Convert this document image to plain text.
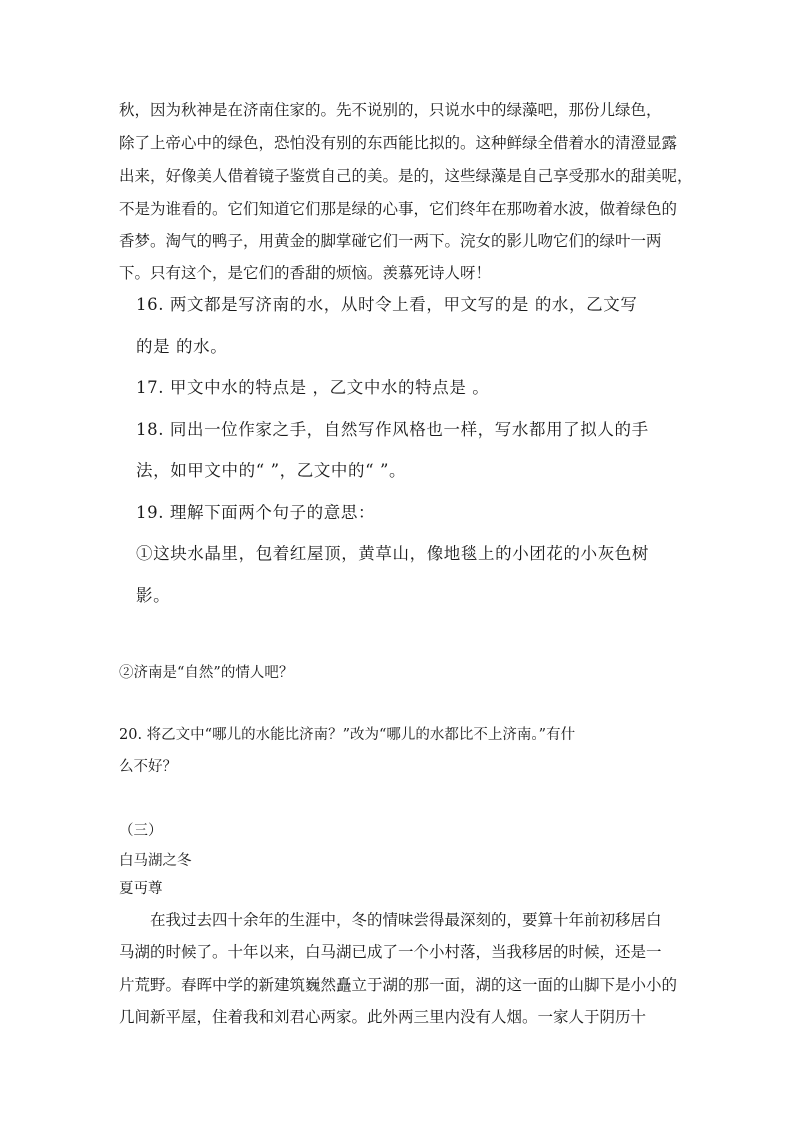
秋，因为秋神是在济南住家的。先不说别的，只说水中的绿藻吧，那份儿绿色，
除了上帝心中的绿色，恐怕没有别的东西能比拟的。这种鲜绿全借着水的清澄显露
出来，好像美人借着镜子鉴赏自己的美。是的，这些绿藻是自己享受那水的甜美呢，
不是为谁看的。它们知道它们那是绿的心事，它们终年在那吻着水波，做着绿色的
香梦。淘气的鸭子，用黄金的脚掌碰它们一两下。浣女的影儿吻它们的绿叶一两
下。只有这个，是它们的香甜的烦恼。羡慕死诗人呀！
16. 两文都是写济南的水，从时令上看，甲文写的是 的水，乙文写
的是 的水。
17. 甲文中水的特点是 ，乙文中水的特点是 。
18. 同出一位作家之手，自然写作风格也一样，写水都用了拟人的手
法，如甲文中的“ ”，乙文中的“ ”。
19. 理解下面两个句子的意思：
①这块水晶里，包着红屋顶，黄草山，像地毯上的小团花的小灰色树
影。
②济南是“自然”的情人吧？
20. 将乙文中“哪儿的水能比济南？”改为“哪儿的水都比不上济南。”有什
么不好？
（三）
白马湖之冬
夏丏尊
在我过去四十余年的生涯中，冬的情味尝得最深刻的，要算十年前初移居白
马湖的时候了。十年以来，白马湖已成了一个小村落，当我移居的时候，还是一
片荒野。春晖中学的新建筑巍然矗立于湖的那一面，湖的这一面的山脚下是小小的
几间新平屋，住着我和刘君心两家。此外两三里内没有人烟。一家人于阴历十
